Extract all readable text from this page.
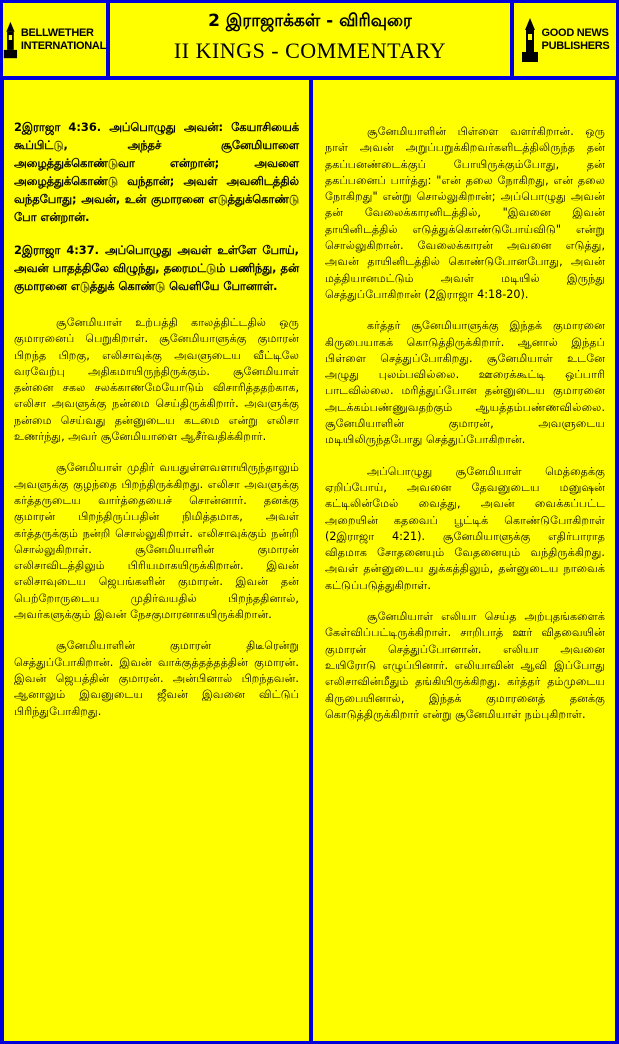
BELLWETHER
INTERNATIONAL
2 இராஜாக்கள் - விரிவுரை
II KINGS - COMMENTARY
GOOD NEWS
PUBLISHERS

2இராஜா 4:36. அப்பொழுது அவன்: கேயாசியைக் கூப்பிட்டு, அந்தச் சூனேமியாளை அழைத்துக்கொண்டுவா என்றான்; அவளை அழைத்துக்கொண்டு வந்தான்; அவள் அவனிடத்தில் வந்தபோது; அவன், உன் குமாரனை எடுத்துக்கொண்டு போ என்றான்.

2இராஜா 4:37. அப்பொழுது அவள் உள்ளே போய், அவன் பாதத்திலே விழுந்து, தரைமட்டும் பணிந்து, தன் குமாரனை எடுத்துக் கொண்டு வெளியே போனாள்.

சூனேமியாள் உற்பத்தி காலத்திட்டதில் ஒரு குமாரனைப் பெறுகிறாள். சூனேமியாளுக்கு குமாரன் பிறந்த பிறகு, எலிசாவுக்கு அவளுடைய வீட்டிலே வரவேற்பு அதிகமாயிருந்திருக்கும். சூனேமியாள் தன்னை சகல சலக்காணமேயோடும் விசாரித்ததற்காக, எலிசா அவளுக்கு நன்மை செய்திருக்கிறார். அவளுக்கு நன்மை செய்வது தன்னுடைய கடமை என்று எலிசா உணர்ந்து, அவர் சூனேமியாளை ஆசீர்வதிக்கிறார்.

சூனேமியாள் முதிர் வயதுள்ளவளாயிருந்தாலும் அவளுக்கு குழந்தை பிறந்திருக்கிறது. எலிசா அவளுக்கு கர்த்தருடைய வார்த்தையைச் சொன்னார். தனக்கு குமாரன் பிறந்திருப்பதின் நிமித்தமாக, அவள் கர்த்தருக்கும் நன்றி சொல்லுகிறாள். எலிசாவுக்கும் நன்றி சொல்லுகிறாள். சூனேமியாளின் குமாரன் எலிசாவிடத்திலும் பிரியமாகயிருக்கிறான். இவன் எலிசாவுடைய ஜெபங்களின் குமாரன். இவன் தன் பெற்றோருடைய முதிர்வயதில் பிறந்ததினால், அவர்களுக்கும் இவன் நேசகுமாரனாகயிருக்கிறான்.

சூனேமியாளின் குமாரன் திடீரென்று செத்துப்போகிறான். இவன் வாக்குத்தத்தத்தின் குமாரன். இவன் ஜெபத்தின் குமாரன். அன்பினால் பிறந்தவன். ஆனாலும் இவனுடைய ஜீவன் இவனை விட்டுப் பிரிந்துபோகிறது.

சூனேமியாளின் பிள்ளை வளர்கிறான். ஒரு நாள் அவன் அறுப்பறுக்கிறவர்களிடத்திலிருந்த தன் தகப்பனண்டைக்குப் போயிருக்கும்போது, தன் தகப்பனைப் பார்த்து: "என் தலை நோகிறது, என் தலை நோகிறது" என்று சொல்லுகிறான்; அப்பொழுது அவன் தன் வேலைக்காரனிடத்தில், "இவனை இவன் தாயினிடத்தில் எடுத்துக்கொண்டுபோய்விடு" என்று சொல்லுகிறான். வேலைக்காரன் அவனை எடுத்து, அவன் தாயினிடத்தில் கொண்டுபோனபோது, அவன் மத்தியானமட்டும் அவள் மடியில் இருந்து செத்துப்போகிறான் (2இராஜா 4:18-20).

கர்த்தர் சூனேமியாளுக்கு இந்தக் குமாரனை கிருபையாகக் கொடுத்திருக்கிறார். ஆனால் இந்தப் பிள்ளை செத்துப்போகிறது. சூனேமியாள் உடனே அழுது புலம்பவில்லை. ஊரைக்கூட்டி ஒப்பாரி பாடவில்லை. மரித்துப்போன தன்னுடைய குமாரனை அடக்கம்பண்ணுவதற்கும் ஆயத்தம்பண்ணவில்லை. சூனேமியாளின் குமாரன், அவளுடைய மடியிலிருந்தபோது செத்துப்போகிறான்.

அப்பொழுது சூனேமியாள் மெத்தைக்கு ஏறிப்போய், அவனை தேவனுடைய மனுஷன் கட்டிலின்மேல் வைத்து, அவன் வைக்கப்பட்ட அறையின் கதவைப் பூட்டிக் கொண்டுபோகிறாள் (2இராஜா 4:21). சூனேமியாளுக்கு எதிர்பாராத விதமாக சோதனையும் வேதனையும் வந்திருக்கிறது. அவள் தன்னுடைய துக்கத்திலும், தன்னுடைய நாவைக் கட்டுப்படுத்துகிறாள்.

சூனேமியாள் எலியா செய்த அற்புதங்களைக் கேள்விப்பட்டிருக்கிறாள். சாறிபாத் ஊர் விதவையின் குமாரன் செத்துப்போனான். எலியா அவனை உயிரோடு எழுப்பினார். எலியாவின் ஆவி இப்போது எலிசாவின்மீதும் தங்கியிருக்கிறது. கர்த்தர் தம்முடைய கிருபையினால், இந்தக் குமாரனைத் தனக்கு கொடுத்திருக்கிறார் என்று சூனேமியாள் நம்புகிறாள்.
